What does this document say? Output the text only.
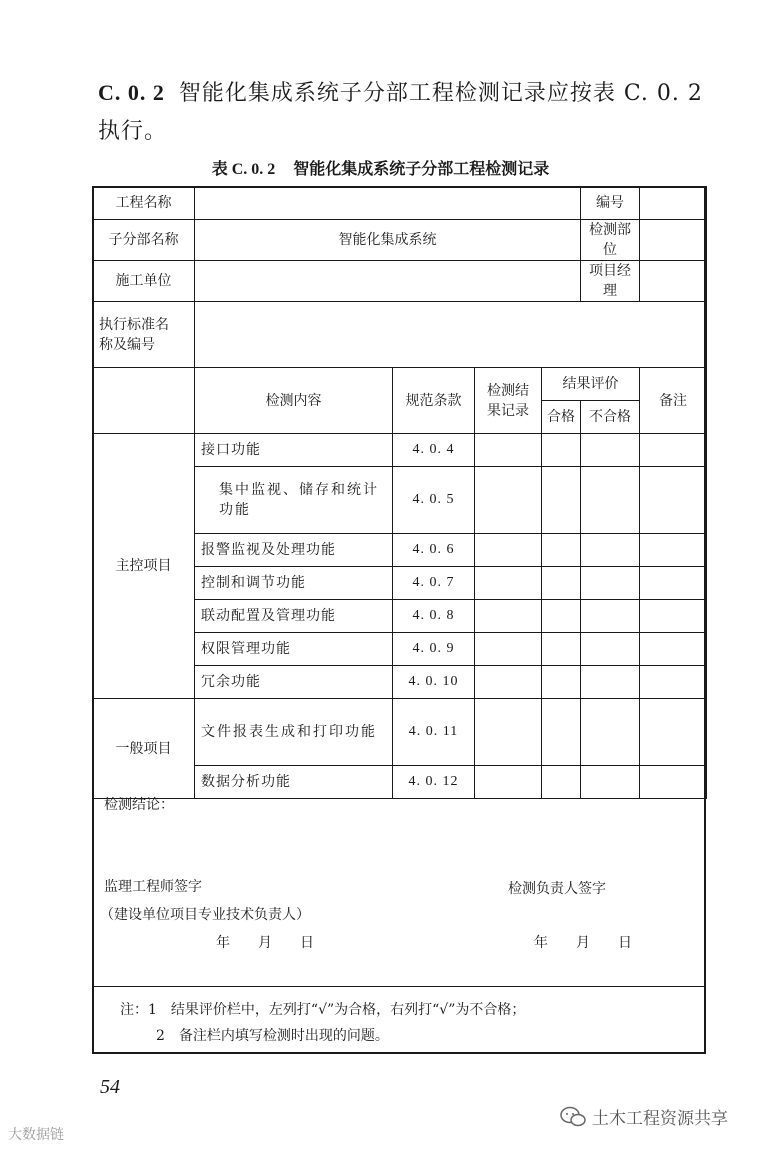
C. 0. 2 智能化集成系统子分部工程检测记录应按表 C. 0. 2 执行。
表 C. 0. 2 智能化集成系统子分部工程检测记录
工程名称					编号	
子分部名称	智能化集成系统				检测部位	
施工单位					项目经理	
执行标准名称及编号						
	检测内容	规范条款	检测结果记录	结果评价		备注
				合格	不合格	
主控项目	接口功能	4. 0. 4				
	集中监视、储存和统计功能	4. 0. 5				
	报警监视及处理功能	4. 0. 6				
	控制和调节功能	4. 0. 7				
	联动配置及管理功能	4. 0. 8				
	权限管理功能	4. 0. 9				
	冗余功能	4. 0. 10				
一般项目	文件报表生成和打印功能	4. 0. 11				
	数据分析功能	4. 0. 12				
检测结论：
监理工程师签字
（建设单位项目专业技术负责人）
年　　月　　日
检测负责人签字
年　　月　　日
注：1　结果评价栏中，左列打“√”为合格，右列打“√”为不合格；
2　备注栏内填写检测时出现的问题。
54
土木工程资源共享
大数据链
